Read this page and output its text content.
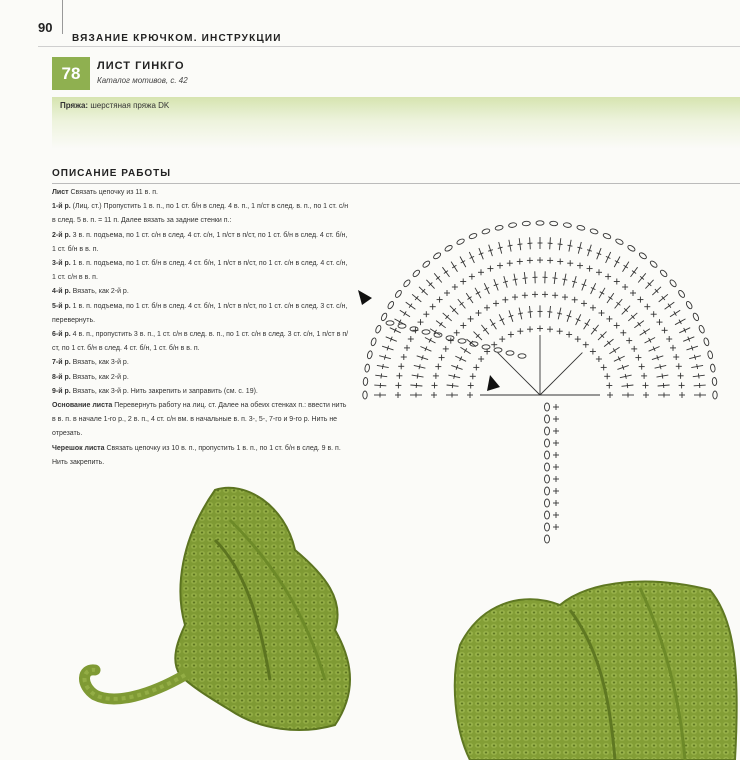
90
ВЯЗАНИЕ КРЮЧКОМ. ИНСТРУКЦИИ
78	ЛИСТ ГИНКГО
Каталог мотивов, с. 42
Пряжа: шерстяная пряжа DK
ОПИСАНИЕ РАБОТЫ

Лист Связать цепочку из 11 в. п.

1-й р. (Лиц. ст.) Пропустить 1 в. п., по 1 ст. б/н в след. 4 в. п., 1 п/ст в след. в. п., по 1 ст. с/н в след. 5 в. п. = 11 п. Далее вязать за задние стенки п.:

2-й р. 3 в. п. подъема, по 1 ст. с/н в след. 4 ст. с/н, 1 п/ст в п/ст, по 1 ст. б/н в след. 4 ст. б/н, 1 ст. б/н в в. п.

3-й р. 1 в. п. подъема, по 1 ст. б/н в след. 4 ст. б/н, 1 п/ст в п/ст, по 1 ст. с/н в след. 4 ст. с/н, 1 ст. с/н в в. п.

4-й р. Вязать, как 2-й р.

5-й р. 1 в. п. подъема, по 1 ст. б/н в след. 4 ст. б/н, 1 п/ст в п/ст, по 1 ст. с/н в след. 3 ст. с/н, перевернуть.

6-й р. 4 в. п., пропустить 3 в. п., 1 ст. с/н в след. в. п., по 1 ст. с/н в след. 3 ст. с/н, 1 п/ст в п/ст, по 1 ст. б/н в след. 4 ст. б/н, 1 ст. б/н в в. п.

7-й р. Вязать, как 3-й р.

8-й р. Вязать, как 2-й р.

9-й р. Вязать, как 3-й р. Нить закрепить и заправить (см. с. 19).

Основание листа Перевернуть работу на лиц. ст. Далее на обеих стенках п.: ввести нить в в. п. в начале 1-го р., 2 в. п., 4 ст. с/н вм. в начальные в. п. 3-, 5-, 7-го и 9-го р. Нить не отрезать.

Черешок листа Связать цепочку из 10 в. п., пропустить 1 в. п., по 1 ст. б/н в след. 9 в. п. Нить закрепить.
